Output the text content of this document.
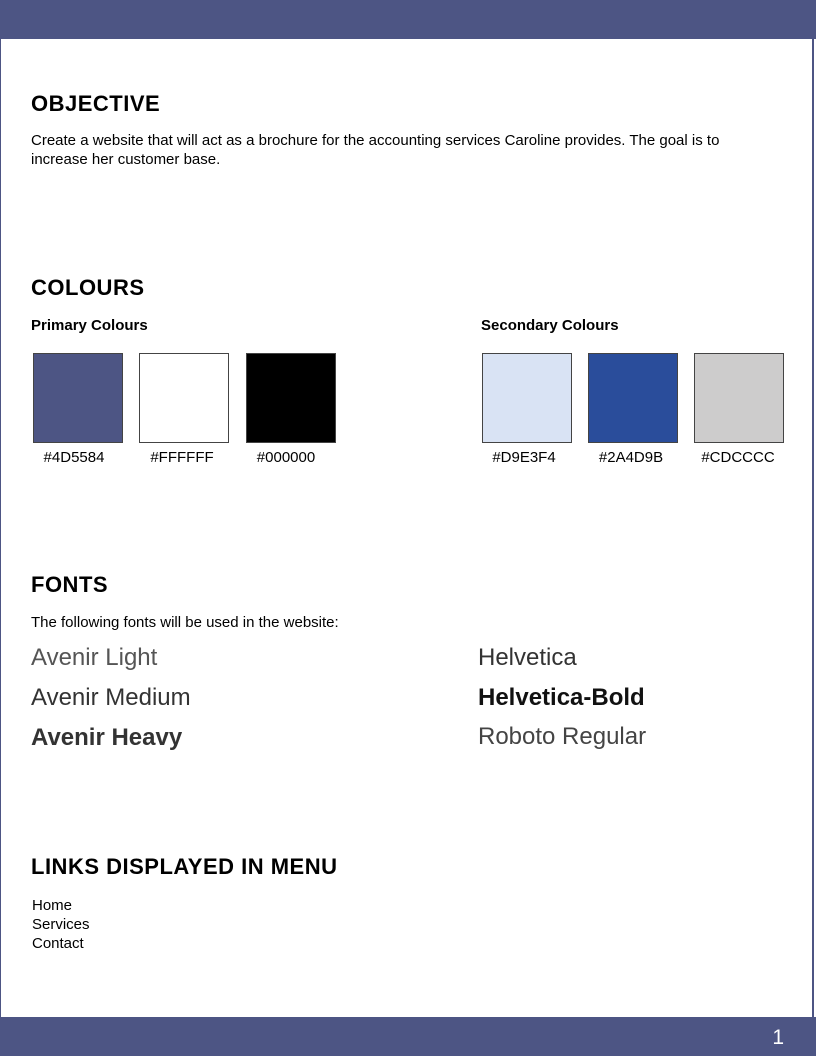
OBJECTIVE

Create a website that will act as a brochure for the accounting services Caroline provides. The goal is to increase her customer base.

COLOURS

Primary Colours	Secondary Colours

#4D5584	#FFFFFF	#000000	#D9E3F4	#2A4D9B	#CDCCCC
FONTS

The following fonts will be used in the website:

Avenir Light
Avenir Medium
Avenir Heavy
Helvetica
Helvetica-Bold
Roboto Regular
LINKS DISPLAYED IN MENU
Home
Services
Contact
1
